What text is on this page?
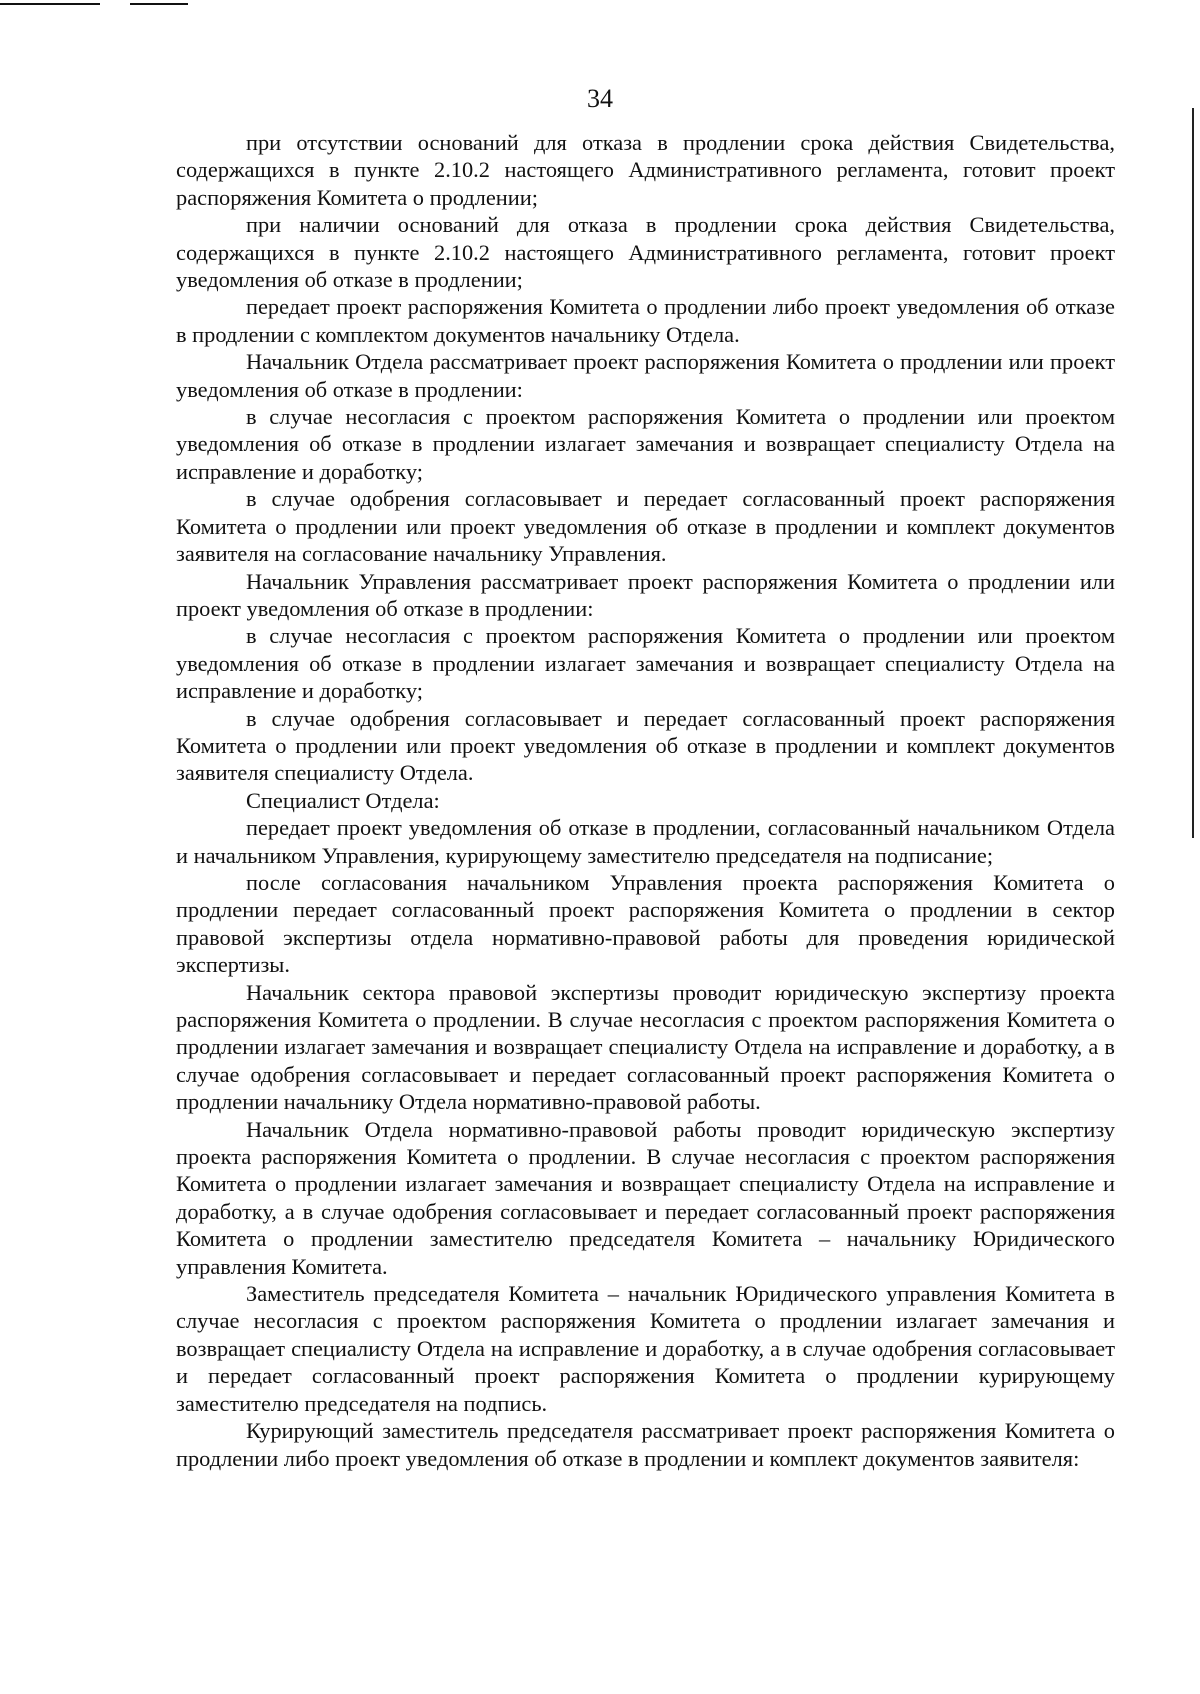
34

при отсутствии оснований для отказа в продлении срока действия Свидетельства, содержащихся в пункте 2.10.2 настоящего Административного регламента, готовит проект распоряжения Комитета о продлении;

при наличии оснований для отказа в продлении срока действия Свидетельства, содержащихся в пункте 2.10.2 настоящего Административного регламента, готовит проект уведомления об отказе в продлении;

передает проект распоряжения Комитета о продлении либо проект уведомления об отказе в продлении с комплектом документов начальнику Отдела.

Начальник Отдела рассматривает проект распоряжения Комитета о продлении или проект уведомления об отказе в продлении:

в случае несогласия с проектом распоряжения Комитета о продлении или проектом уведомления об отказе в продлении излагает замечания и возвращает специалисту Отдела на исправление и доработку;

в случае одобрения согласовывает и передает согласованный проект распоряжения Комитета о продлении или проект уведомления об отказе в продлении и комплект документов заявителя на согласование начальнику Управления.

Начальник Управления рассматривает проект распоряжения Комитета о продлении или проект уведомления об отказе в продлении:

в случае несогласия с проектом распоряжения Комитета о продлении или проектом уведомления об отказе в продлении излагает замечания и возвращает специалисту Отдела на исправление и доработку;

в случае одобрения согласовывает и передает согласованный проект распоряжения Комитета о продлении или проект уведомления об отказе в продлении и комплект документов заявителя специалисту Отдела.

Специалист Отдела:

передает проект уведомления об отказе в продлении, согласованный начальником Отдела и начальником Управления, курирующему заместителю председателя на подписание;

после согласования начальником Управления проекта распоряжения Комитета о продлении передает согласованный проект распоряжения Комитета о продлении в сектор правовой экспертизы отдела нормативно-правовой работы для проведения юридической экспертизы.

Начальник сектора правовой экспертизы проводит юридическую экспертизу проекта распоряжения Комитета о продлении. В случае несогласия с проектом распоряжения Комитета о продлении излагает замечания и возвращает специалисту Отдела на исправление и доработку, а в случае одобрения согласовывает и передает согласованный проект распоряжения Комитета о продлении начальнику Отдела нормативно-правовой работы.

Начальник Отдела нормативно-правовой работы проводит юридическую экспертизу проекта распоряжения Комитета о продлении. В случае несогласия с проектом распоряжения Комитета о продлении излагает замечания и возвращает специалисту Отдела на исправление и доработку, а в случае одобрения согласовывает и передает согласованный проект распоряжения Комитета о продлении заместителю председателя Комитета – начальнику Юридического управления Комитета.

Заместитель председателя Комитета – начальник Юридического управления Комитета в случае несогласия с проектом распоряжения Комитета о продлении излагает замечания и возвращает специалисту Отдела на исправление и доработку, а в случае одобрения согласовывает и передает согласованный проект распоряжения Комитета о продлении курирующему заместителю председателя на подпись.

Курирующий заместитель председателя рассматривает проект распоряжения Комитета о продлении либо проект уведомления об отказе в продлении и комплект документов заявителя:
